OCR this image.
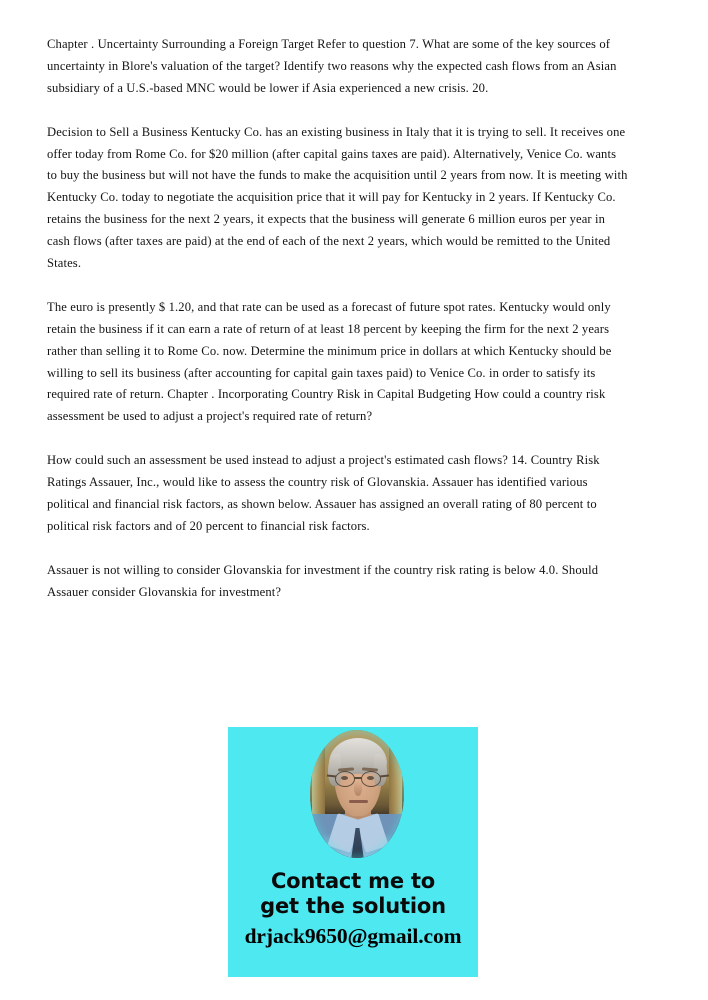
Chapter . Uncertainty Surrounding a Foreign Target Refer to question 7. What are some of the key sources of uncertainty in Blore's valuation of the target? Identify two reasons why the expected cash flows from an Asian subsidiary of a U.S.-based MNC would be lower if Asia experienced a new crisis. 20.

Decision to Sell a Business Kentucky Co. has an existing business in Italy that it is trying to sell. It receives one offer today from Rome Co. for $20 million (after capital gains taxes are paid). Alternatively, Venice Co. wants to buy the business but will not have the funds to make the acquisition until 2 years from now. It is meeting with Kentucky Co. today to negotiate the acquisition price that it will pay for Kentucky in 2 years. If Kentucky Co. retains the business for the next 2 years, it expects that the business will generate 6 million euros per year in cash flows (after taxes are paid) at the end of each of the next 2 years, which would be remitted to the United States.

The euro is presently $ 1.20, and that rate can be used as a forecast of future spot rates. Kentucky would only retain the business if it can earn a rate of return of at least 18 percent by keeping the firm for the next 2 years rather than selling it to Rome Co. now. Determine the minimum price in dollars at which Kentucky should be willing to sell its business (after accounting for capital gain taxes paid) to Venice Co. in order to satisfy its required rate of return. Chapter . Incorporating Country Risk in Capital Budgeting How could a country risk assessment be used to adjust a project's required rate of return?

How could such an assessment be used instead to adjust a project's estimated cash flows? 14. Country Risk Ratings Assauer, Inc., would like to assess the country risk of Glovanskia. Assauer has identified various political and financial risk factors, as shown below. Assauer has assigned an overall rating of 80 percent to political risk factors and of 20 percent to financial risk factors.

Assauer is not willing to consider Glovanskia for investment if the country risk rating is below 4.0. Should Assauer consider Glovanskia for investment?

Contact me to
get the solution
drjack9650@gmail.com
